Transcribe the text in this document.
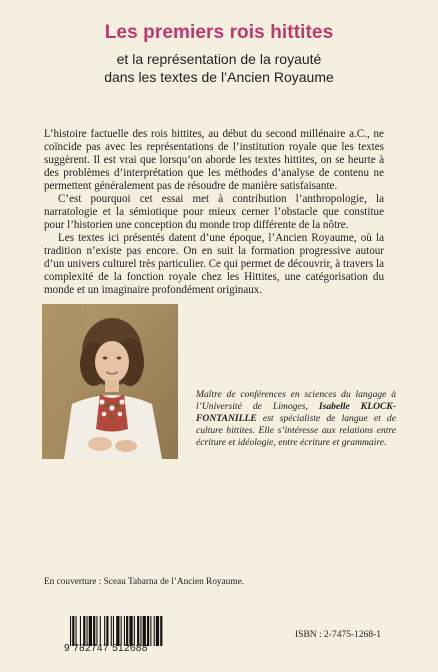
Les premiers rois hittites
et la représentation de la royauté
dans les textes de l’Ancien Royaume

L’histoire factuelle des rois hittites, au début du second millénaire a.C., ne coïncide pas avec les représentations de l’institution royale que les textes suggèrent. Il est vrai que lorsqu’on aborde les textes hittites, on se heurte à des problèmes d’interprétation que les méthodes d’analyse de contenu ne permettent généralement pas de résoudre de manière satisfaisante.

C’est pourquoi cet essai met à contribution l’anthropologie, la narratologie et la sémiotique pour mieux cerner l’obstacle que constitue pour l’historien une conception du monde trop différente de la nôtre.

Les textes ici présentés datent d’une époque, l’Ancien Royaume, où la tradition n’existe pas encore. On en suit la formation progressive autour d’un univers culturel très particulier. Ce qui permet de découvrir, à travers la complexité de la fonction royale chez les Hittites, une catégorisation du monde et un imaginaire profondément originaux.

Maître de conférences en sciences du langage à l’Université de Limoges, Isabelle KLOCK-FONTANILLE est spécialiste de langue et de culture hittites. Elle s’intéresse aux relations entre écriture et idéologie, entre écriture et grammaire.
En couverture : Sceau Tabarna de l’Ancien Royaume.
9 782747 512688
ISBN : 2-7475-1268-1
